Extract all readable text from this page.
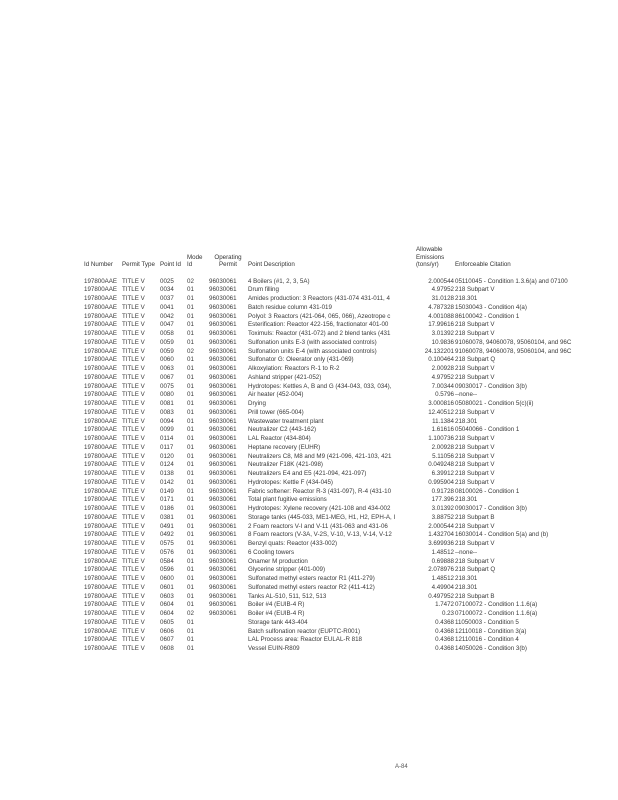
Id Number	Permit Type	Point Id	Mode Id	Operating Permit	Point Description	Allowable Emissions (tons/yr)	Enforceable Citation
197800AAE	TITLE V	0025	02	96030061	4 Boilers (#1, 2, 3, 5A)	2.000544	05110045 - Condition 1.3.6(a) and 07100
197800AAE	TITLE V	0034	01	96030061	Drum filling	4.97952	218 Subpart V
197800AAE	TITLE V	0037	01	96030061	Amides production: 3 Reactors (431-074 431-011, 4	31.0128	218.301
197800AAE	TITLE V	0041	01	96030061	Batch residue column 431-019	4.787328	15030043 - Condition 4(a)
197800AAE	TITLE V	0042	01	96030061	Polyol: 3 Reactors (421-064, 065, 066), Azeotrope c	4.001088	86100042 - Condition 1
197800AAE	TITLE V	0047	01	96030061	Esterification: Reactor 422-156, fractionator 401-00	17.99616	218 Subpart V
197800AAE	TITLE V	0058	01	96030061	Toximuls: Reactor (431-072) and 2 blend tanks (431	3.01392	218 Subpart V
197800AAE	TITLE V	0059	01	96030061	Sulfonation units E-3 (with associated controls)	10.9836	91060078, 94060078, 95060104, and 96C
197800AAE	TITLE V	0059	02	96030061	Sulfonation units E-4 (with associated controls)	24.132201	91060078, 94060078, 95060104, and 96C
197800AAE	TITLE V	0060	01	96030061	Sulfonator G: Oleerator only (431-069)	0.100464	218 Subpart Q
197800AAE	TITLE V	0063	01	96030061	Alkoxylation: Reactors R-1 to R-2	2.00928	218 Subpart V
197800AAE	TITLE V	0067	01	96030061	Ashland stripper (421-052)	4.97952	218 Subpart V
197800AAE	TITLE V	0075	01	96030061	Hydrotopes: Kettles A, B and G (434-043, 033, 034),	7.00344	09030017 - Condition 3(b)
197800AAE	TITLE V	0080	01	96030061	Air heater (452-004)	0.5796	--none--
197800AAE	TITLE V	0081	01	96030061	Drying	3.000816	05080021 - Condition 5(c)(ii)
197800AAE	TITLE V	0083	01	96030061	Prill tower (665-004)	12.40512	218 Subpart V
197800AAE	TITLE V	0094	01	96030061	Wastewater treatment plant	11.1384	218.301
197800AAE	TITLE V	0099	01	96030061	Neutralizer C2 (443-162)	1.61616	05040066 - Condition 1
197800AAE	TITLE V	0114	01	96030061	LAL Reactor (434-804)	1.100736	218 Subpart V
197800AAE	TITLE V	0117	01	96030061	Heptane recovery (EUHR)	2.00928	218 Subpart V
197800AAE	TITLE V	0120	01	96030061	Neutralizers C8, M8 and M9 (421-096, 421-103, 421	5.11056	218 Subpart V
197800AAE	TITLE V	0124	01	96030061	Neutralizer F18K (421-098)	0.049248	218 Subpart V
197800AAE	TITLE V	0138	01	96030061	Neutralizers E4 and E5 (421-094, 421-097)	6.39912	218 Subpart V
197800AAE	TITLE V	0142	01	96030061	Hydrotopes: Kettle F (434-045)	0.995904	218 Subpart V
197800AAE	TITLE V	0149	01	96030061	Fabric softener: Reactor R-3 (431-097), R-4 (431-10	0.91728	08100026 - Condition 1
197800AAE	TITLE V	0171	01	96030061	Total plant fugitive emissions	177.396	218.301
197800AAE	TITLE V	0186	01	96030061	Hydrotopes: Xylene recovery (421-108 and 434-002	3.01392	09030017 - Condition 3(b)
197800AAE	TITLE V	0381	01	96030061	Storage tanks (445-033, ME1-MEG, H1, H2, EPH-A, I	3.88752	218 Subpart B
197800AAE	TITLE V	0491	01	96030061	2 Foam reactors V-I and V-11 (431-063 and 431-06	2.000544	218 Subpart V
197800AAE	TITLE V	0492	01	96030061	8 Foam reactors (V-3A, V-2S, V-10, V-13, V-14, V-12	1.432704	16030014 - Condition 5(a) and (b)
197800AAE	TITLE V	0575	01	96030061	Benzyl quats: Reactor (433-002)	3.699936	218 Subpart V
197800AAE	TITLE V	0576	01	96030061	6 Cooling towers	1.48512	--none--
197800AAE	TITLE V	0584	01	96030061	Onamer M production	0.69888	218 Subpart V
197800AAE	TITLE V	0596	01	96030061	Glycerine stripper (401-009)	2.078976	218 Subpart Q
197800AAE	TITLE V	0600	01	96030061	Sulfonated methyl esters reactor R1 (411-279)	1.48512	218.301
197800AAE	TITLE V	0601	01	96030061	Sulfonated methyl esters reactor R2 (411-412)	4.49904	218.301
197800AAE	TITLE V	0603	01	96030061	Tanks AL-510, 511, 512, 513	0.497952	218 Subpart B
197800AAE	TITLE V	0604	01	96030061	Boiler #4 (EUIB-4 R)	1.7472	07100072 - Condition 1.1.6(a)
197800AAE	TITLE V	0604	02	96030061	Boiler #4 (EUIB-4 R)	0.23	07100072 - Condition 1.1.6(a)
197800AAE	TITLE V	0605	01		Storage tank 443-404	0.4368	11050003 - Condition 5
197800AAE	TITLE V	0606	01		Batch sulfonation reactor (EUPTC-R001)	0.4368	12110018 - Condition 3(a)
197800AAE	TITLE V	0607	01		LAL Process area: Reactor EULAL-R 818	0.4368	12110016 - Condition 4
197800AAE	TITLE V	0608	01		Vessel EUIN-R809	0.4368	14050026 - Condition 3(b)
A-84
